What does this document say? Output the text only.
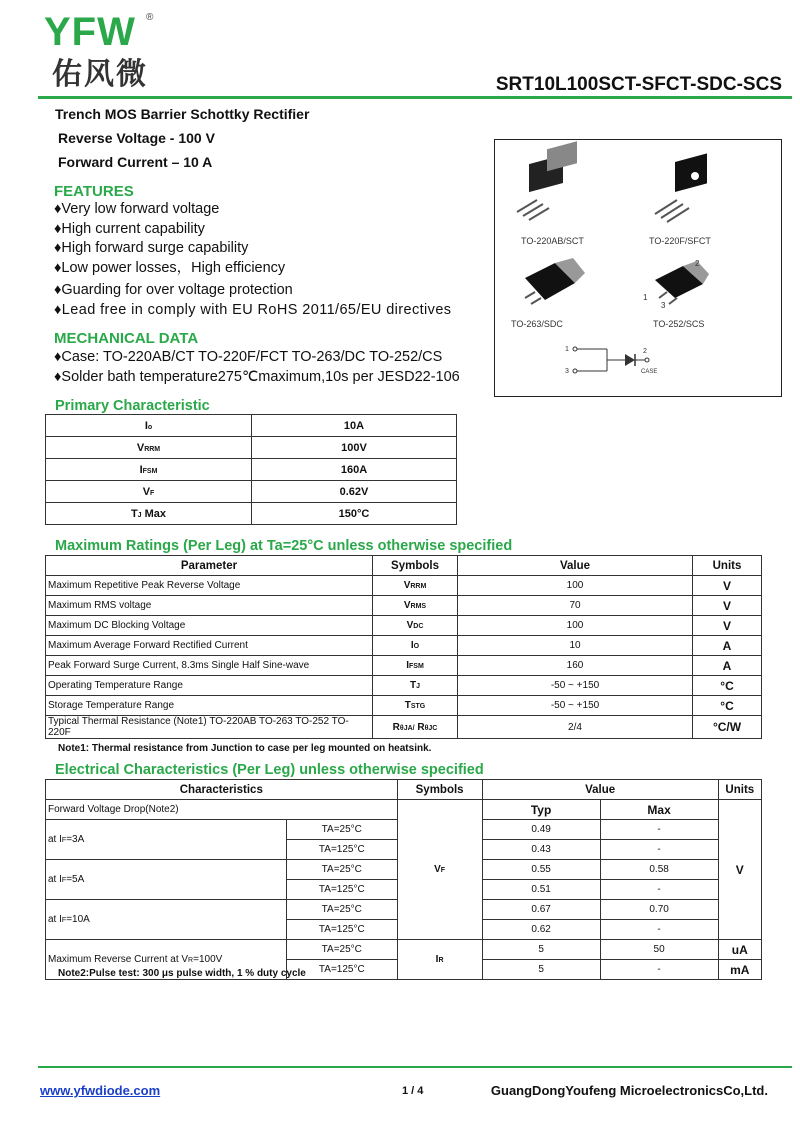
YFW ®
佑风微	SRT10L100SCT-SFCT-SDC-SCS
Trench MOS Barrier Schottky Rectifier
Reverse Voltage - 100 V
Forward Current – 10 A
FEATURES
♦Very low forward voltage
♦High current capability
♦High forward surge capability
♦Low power losses，High efficiency
♦Guarding for over voltage protection
♦Lead free in comply with EU RoHS 2011/65/EU directives
MECHANICAL DATA
♦Case: TO-220AB/CT TO-220F/FCT TO-263/DC TO-252/CS
♦Solder bath temperature275℃maximum,10s per JESD22-106
2
1
3
1
3
2
CASE
TO-220AB/SCT	TO-220F/SFCT
TO-263/SDC	TO-252/SCS
Primary Characteristic
Io	10A
VRRM	100V
IFSM	160A
VF	0.62V
TJ Max	150°C
Maximum Ratings (Per Leg) at Ta=25°C unless otherwise specified
Parameter	Symbols	Value	Units
Maximum Repetitive Peak Reverse Voltage	VRRM	100	V
Maximum RMS voltage	VRMS	70	V
Maximum DC Blocking Voltage	VDC	100	V
Maximum Average Forward Rectified Current	IO	10	A
Peak Forward Surge Current, 8.3ms Single Half Sine-wave	IFSM	160	A
Operating Temperature Range	TJ	-50 ~ +150	°C
Storage Temperature Range	TSTG	-50 ~ +150	°C
Typical Thermal Resistance (Note1) TO-220AB TO-263 TO-252 TO-220F	RθJA/ RθJC	2/4	°C/W
Note1: Thermal resistance from Junction to case per leg mounted on heatsink.
Electrical Characteristics (Per Leg) unless otherwise specified
Characteristics		Symbols	Value		Units
Forward Voltage Drop(Note2)		VF	Typ	Max	V
at IF=3A	TA=25°C		0.49	-	
	TA=125°C		0.43	-	
at IF=5A	TA=25°C		0.55	0.58	
	TA=125°C		0.51	-	
at IF=10A	TA=25°C		0.67	0.70	
	TA=125°C		0.62	-	
Maximum Reverse Current at VR=100V	TA=25°C	IR	5	50	uA
	TA=125°C		5	-	mA
Note2:Pulse test: 300 μs pulse width, 1 % duty cycle
www.yfwdiode.com	1 / 4	GuangDongYoufeng MicroelectronicsCo,Ltd.
